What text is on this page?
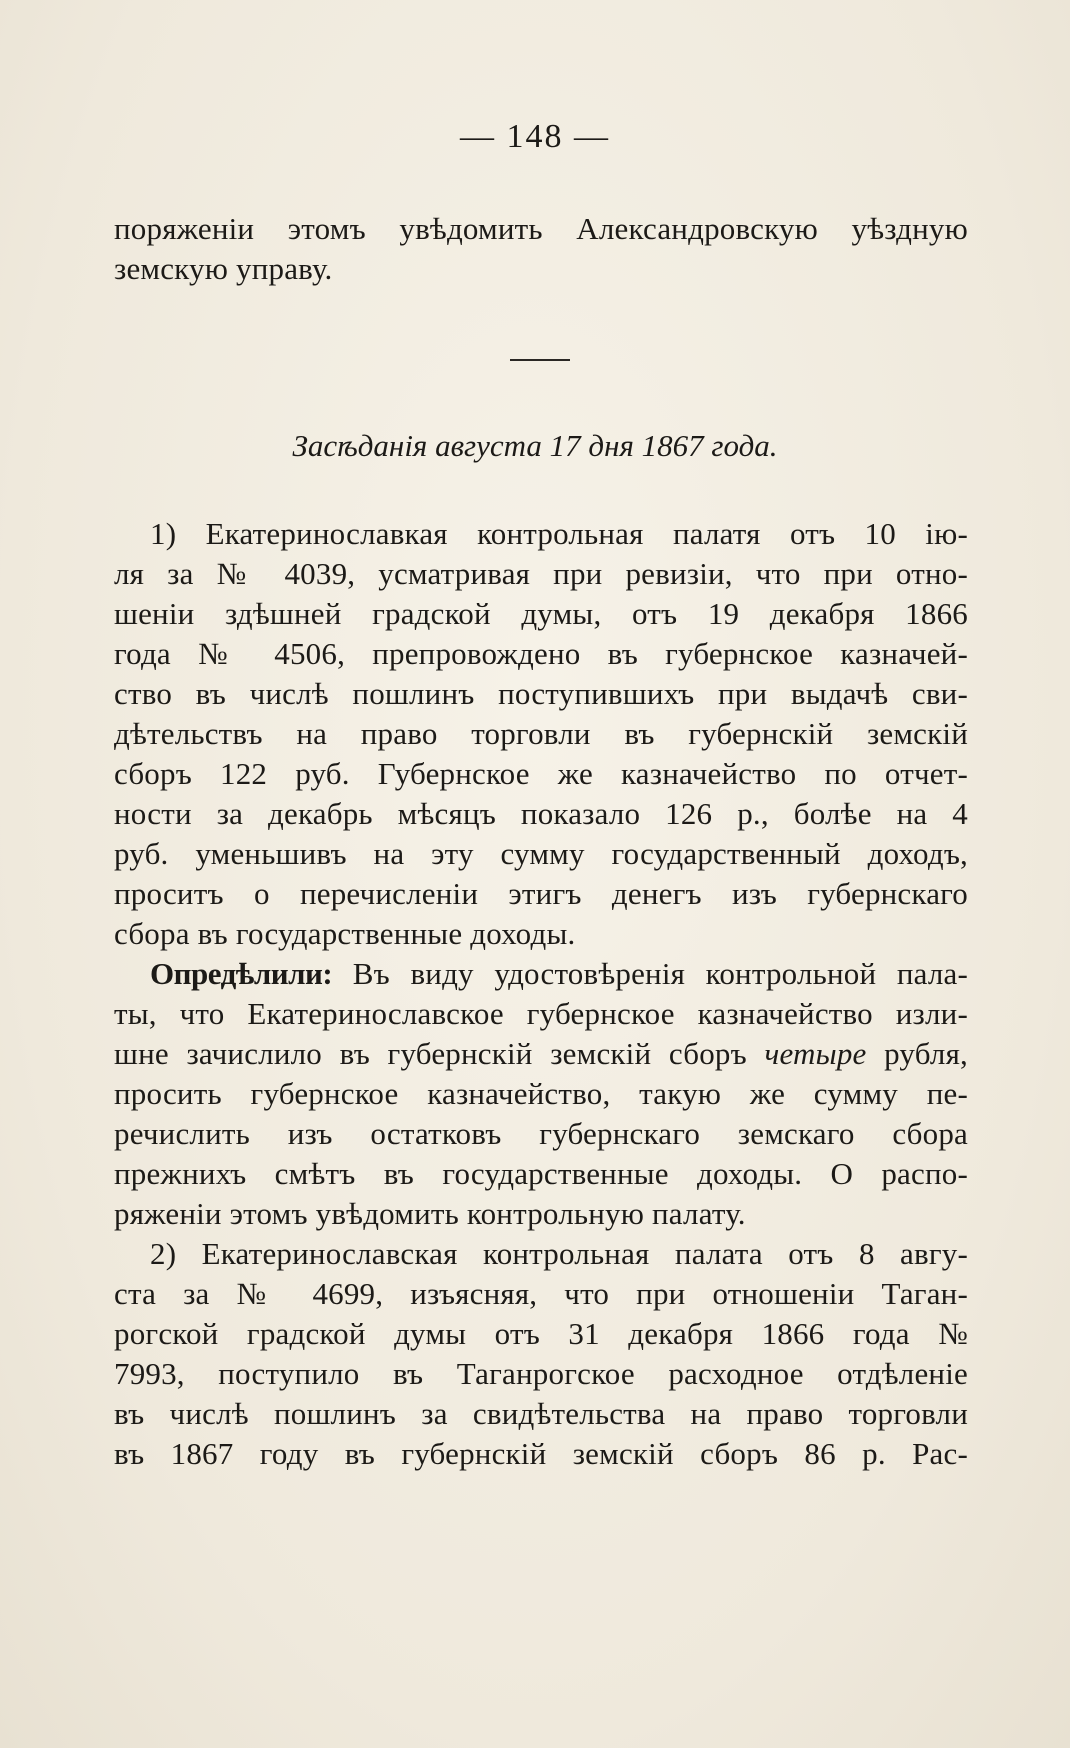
— 148 —
поряженіи этомъ увѣдомить Александровскую уѣздную
земскую управу.
Засѣданія августа 17 дня 1867 года.
1) Екатеринославкая контрольная палатя отъ 10 ію-
ля за № 4039, усматривая при ревизіи, что при отно-
шеніи здѣшней градской думы, отъ 19 декабря 1866
года № 4506, препровождено въ губернское казначей-
ство въ числѣ пошлинъ поступившихъ при выдачѣ сви-
дѣтельствъ на право торговли въ губернскій земскій
сборъ 122 руб. Губернское же казначейство по отчет-
ности за декабрь мѣсяцъ показало 126 р., болѣе на 4
руб. уменьшивъ на эту сумму государственный доходъ,
проситъ о перечисленіи этигъ денегъ изъ губернскаго
сбора въ государственные доходы.
Опредѣлили: Въ виду удостовѣренія контрольной пала-
ты, что Екатеринославское губернское казначейство изли-
шне зачислило въ губернскій земскій сборъ четыре рубля,
просить губернское казначейство, такую же сумму пе-
речислить изъ остатковъ губернскаго земскаго сбора
прежнихъ смѣтъ въ государственные доходы. О распо-
ряженіи этомъ увѣдомить контрольную палату.
2) Екатеринославская контрольная палата отъ 8 авгу-
ста за № 4699, изъясняя, что при отношеніи Таган-
рогской градской думы отъ 31 декабря 1866 года №
7993, поступило въ Таганрогское расходное отдѣленіе
въ числѣ пошлинъ за свидѣтельства на право торговли
въ 1867 году въ губернскій земскій сборъ 86 р. Рас-
